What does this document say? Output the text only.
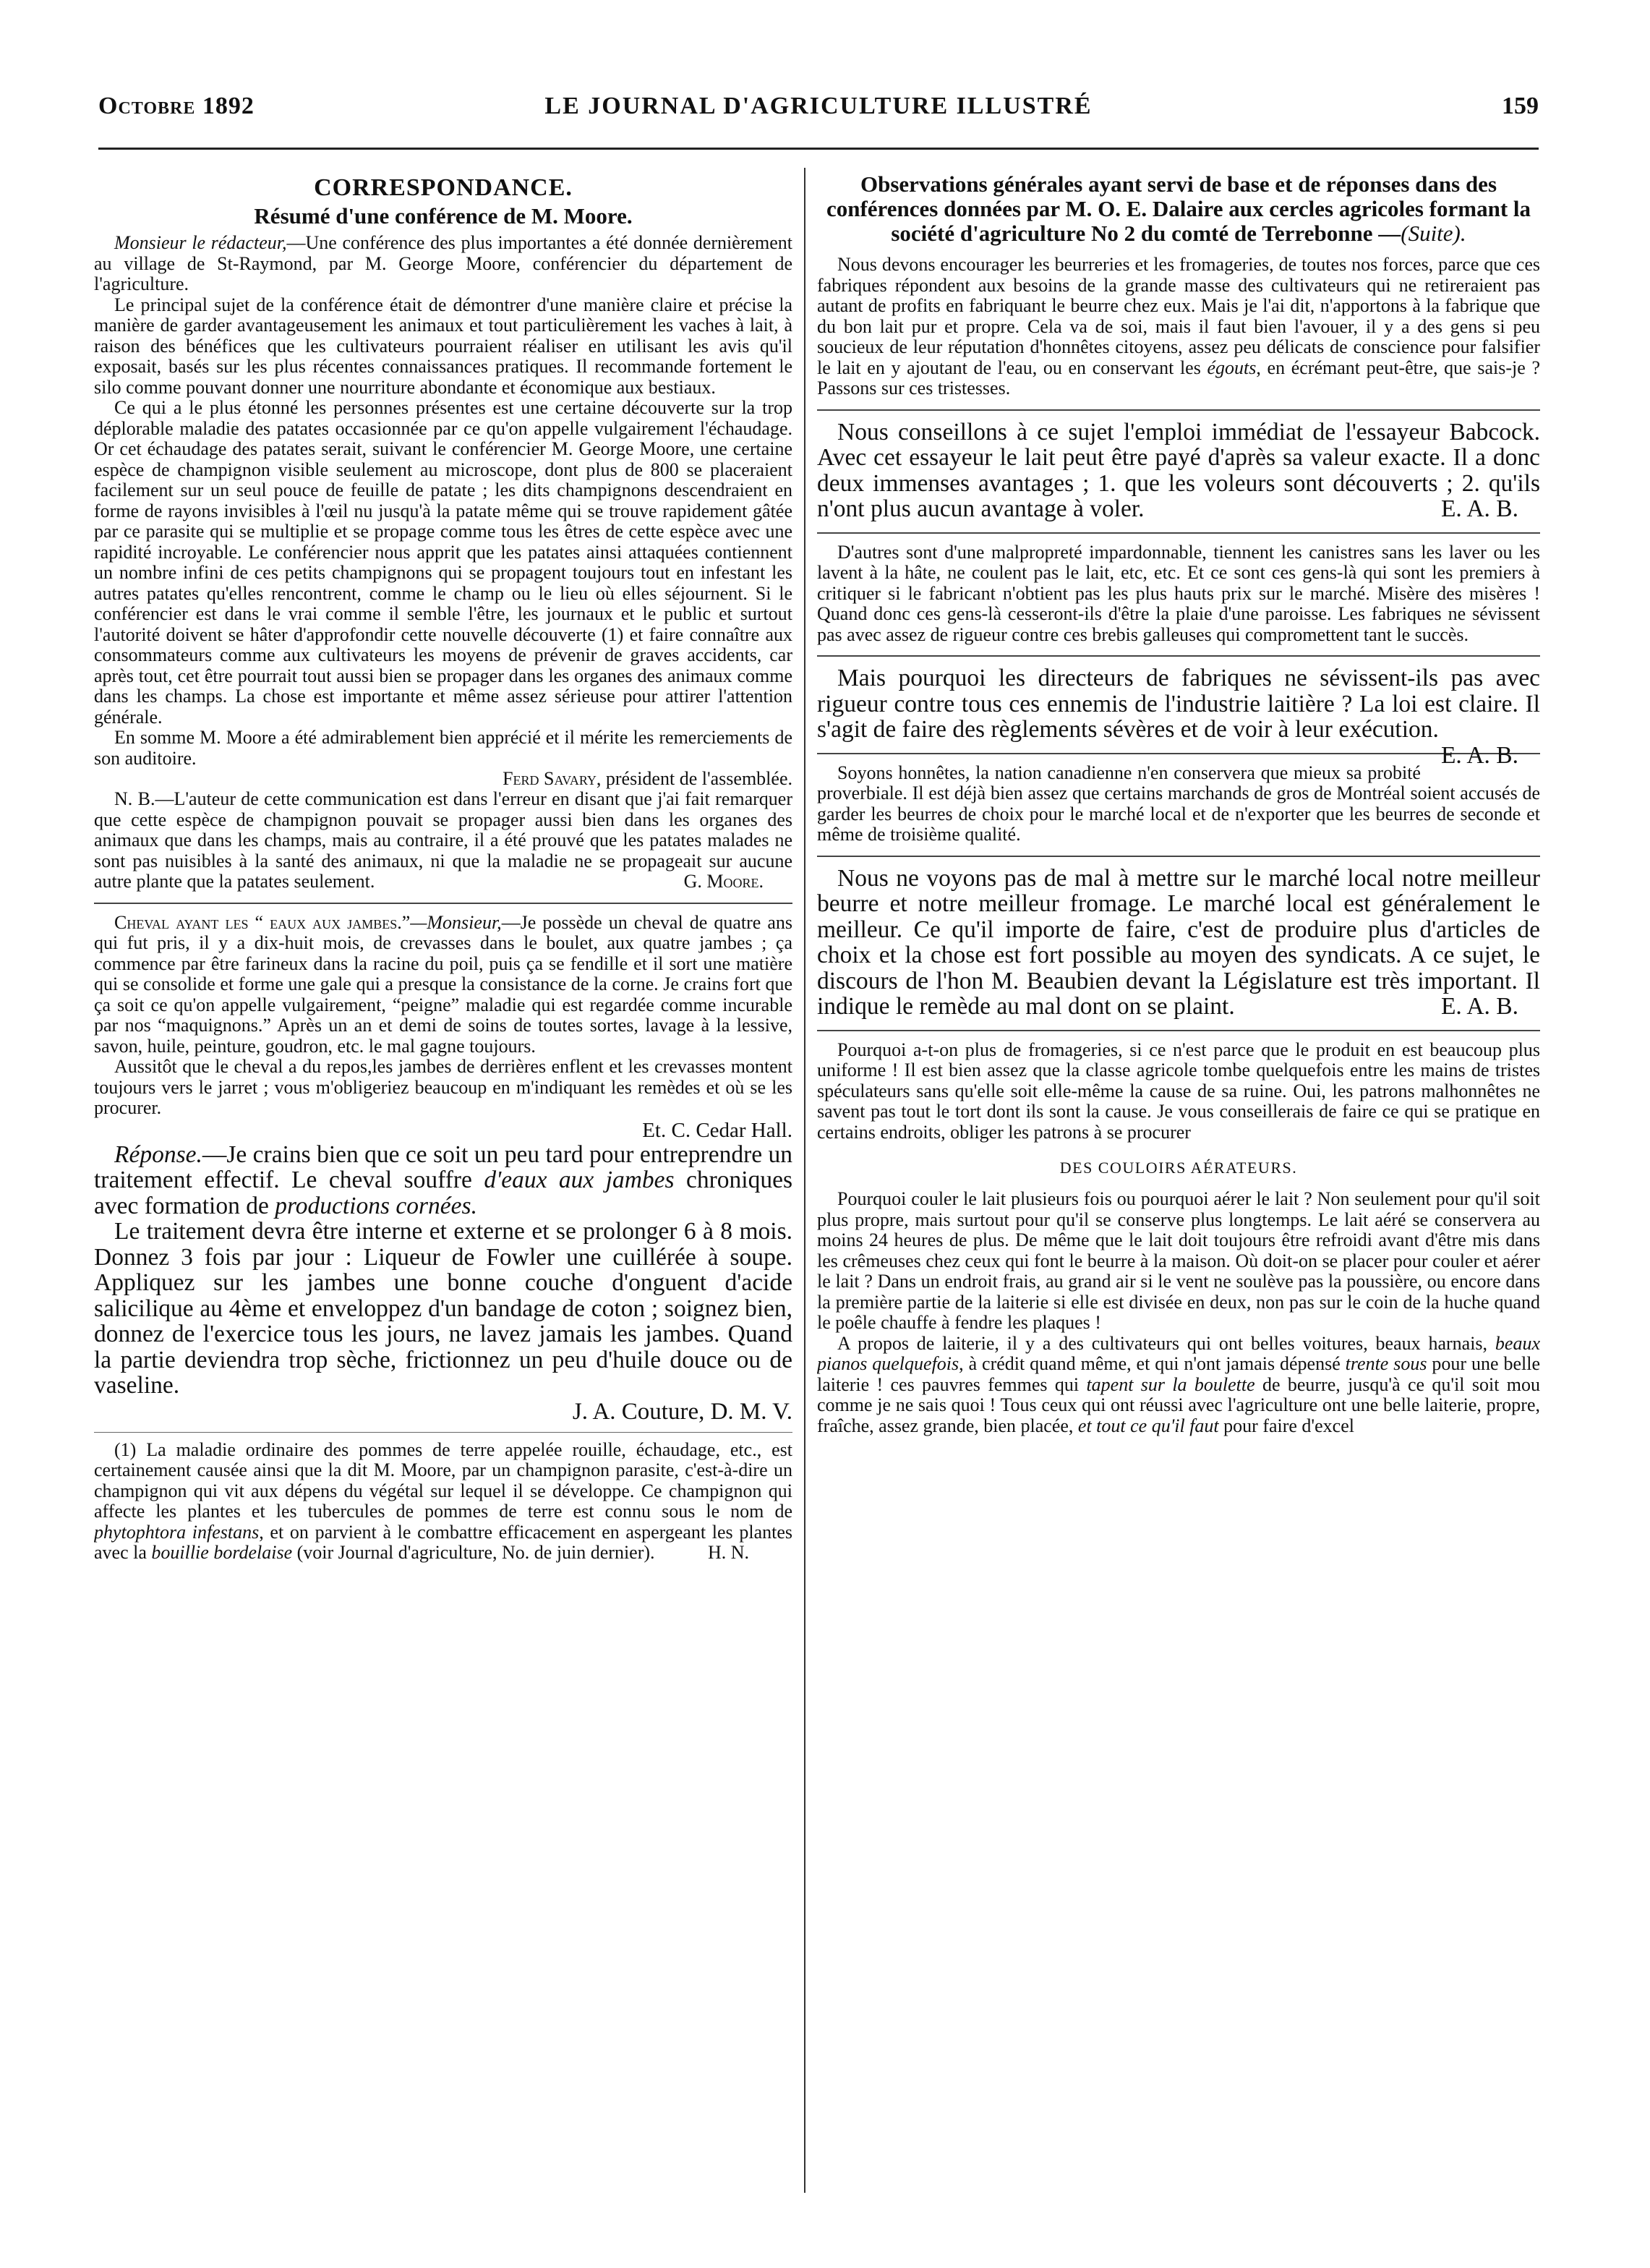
Octobre 1892	LE JOURNAL D'AGRICULTURE ILLUSTRÉ	159
CORRESPONDANCE.
Résumé d'une conférence de M. Moore.

Monsieur le rédacteur,—Une conférence des plus importantes a été donnée dernièrement au village de St-Raymond, par M. George Moore, conférencier du département de l'agriculture.

Le principal sujet de la conférence était de démontrer d'une manière claire et précise la manière de garder avantageusement les animaux et tout particulièrement les vaches à lait, à raison des bénéfices que les cultivateurs pourraient réaliser en utilisant les avis qu'il exposait, basés sur les plus récentes connaissances pratiques. Il recommande fortement le silo comme pouvant donner une nourriture abondante et économique aux bestiaux.

Ce qui a le plus étonné les personnes présentes est une certaine découverte sur la trop déplorable maladie des patates occasionnée par ce qu'on appelle vulgairement l'échaudage. Or cet échaudage des patates serait, suivant le conférencier M. George Moore, une certaine espèce de champignon visible seulement au microscope, dont plus de 800 se placeraient facilement sur un seul pouce de feuille de patate ; les dits champignons descendraient en forme de rayons invisibles à l'œil nu jusqu'à la patate même qui se trouve rapidement gâtée par ce parasite qui se multiplie et se propage comme tous les êtres de cette espèce avec une rapidité incroyable. Le conférencier nous apprit que les patates ainsi attaquées contiennent un nombre infini de ces petits champignons qui se propagent toujours tout en infestant les autres patates qu'elles rencontrent, comme le champ ou le lieu où elles séjournent. Si le conférencier est dans le vrai comme il semble l'être, les journaux et le public et surtout l'autorité doivent se hâter d'approfondir cette nouvelle découverte (1) et faire connaître aux consommateurs comme aux cultivateurs les moyens de prévenir de graves accidents, car après tout, cet être pourrait tout aussi bien se propager dans les organes des animaux comme dans les champs. La chose est importante et même assez sérieuse pour attirer l'attention générale.

En somme M. Moore a été admirablement bien apprécié et il mérite les remerciements de son auditoire.

Ferd Savary, président de l'assemblée.

N. B.—L'auteur de cette communication est dans l'erreur en disant que j'ai fait remarquer que cette espèce de champignon pouvait se propager aussi bien dans les organes des animaux que dans les champs, mais au contraire, il a été prouvé que les patates malades ne sont pas nuisibles à la santé des animaux, ni que la maladie ne se propageait sur aucune autre plante que la patates seulement.	G. Moore.

Cheval ayant les “ eaux aux jambes.”—Monsieur,—Je possède un cheval de quatre ans qui fut pris, il y a dix-huit mois, de crevasses dans le boulet, aux quatre jambes ; ça commence par être farineux dans la racine du poil, puis ça se fendille et il sort une matière qui se consolide et forme une gale qui a presque la consistance de la corne. Je crains fort que ça soit ce qu'on appelle vulgairement, “peigne” maladie qui est regardée comme incurable par nos “maquignons.” Après un an et demi de soins de toutes sortes, lavage à la lessive, savon, huile, peinture, goudron, etc. le mal gagne toujours.

Aussitôt que le cheval a du repos,les jambes de derrières enflent et les crevasses montent toujours vers le jarret ; vous m'obligeriez beaucoup en m'indiquant les remèdes et où se les procurer.

Et. C. Cedar Hall.

Réponse.—Je crains bien que ce soit un peu tard pour entreprendre un traitement effectif. Le cheval souffre d'eaux aux jambes chroniques avec formation de productions cornées.

Le traitement devra être interne et externe et se prolonger 6 à 8 mois. Donnez 3 fois par jour : Liqueur de Fowler une cuillérée à soupe. Appliquez sur les jambes une bonne couche d'onguent d'acide salicilique au 4ème et enveloppez d'un bandage de coton ; soignez bien, donnez de l'exercice tous les jours, ne lavez jamais les jambes. Quand la partie deviendra trop sèche, frictionnez un peu d'huile douce ou de vaseline.

J. A. Couture, D. M. V.

(1) La maladie ordinaire des pommes de terre appelée rouille, échaudage, etc., est certainement causée ainsi que la dit M. Moore, par un champignon parasite, c'est-à-dire un champignon qui vit aux dépens du végétal sur lequel il se développe. Ce champignon qui affecte les plantes et les tubercules de pommes de terre est connu sous le nom de phytophtora infestans, et on parvient à le combattre efficacement en aspergeant les plantes avec la bouillie bordelaise (voir Journal d'agriculture, No. de juin dernier).	H. N.

Observations générales ayant servi de base et de réponses dans des conférences données par M. O. E. Dalaire aux cercles agricoles formant la société d'agriculture No 2 du comté de Terrebonne —(Suite).

Nous devons encourager les beurreries et les fromageries, de toutes nos forces, parce que ces fabriques répondent aux besoins de la grande masse des cultivateurs qui ne retireraient pas autant de profits en fabriquant le beurre chez eux. Mais je l'ai dit, n'apportons à la fabrique que du bon lait pur et propre. Cela va de soi, mais il faut bien l'avouer, il y a des gens si peu soucieux de leur réputation d'honnêtes citoyens, assez peu délicats de conscience pour falsifier le lait en y ajoutant de l'eau, ou en conservant les égouts, en écrémant peut-être, que sais-je ? Passons sur ces tristesses.

Nous conseillons à ce sujet l'emploi immédiat de l'essayeur Babcock. Avec cet essayeur le lait peut être payé d'après sa valeur exacte. Il a donc deux immenses avantages ; 1. que les voleurs sont découverts ; 2. qu'ils n'ont plus aucun avantage à voler.	E. A. B.

D'autres sont d'une malpropreté impardonnable, tiennent les canistres sans les laver ou les lavent à la hâte, ne coulent pas le lait, etc, etc. Et ce sont ces gens-là qui sont les premiers à critiquer si le fabricant n'obtient pas les plus hauts prix sur le marché. Misère des misères ! Quand donc ces gens-là cesseront-ils d'être la plaie d'une paroisse. Les fabriques ne sévissent pas avec assez de rigueur contre ces brebis galleuses qui compromettent tant le succès.

Mais pourquoi les directeurs de fabriques ne sévissent-ils pas avec rigueur contre tous ces ennemis de l'industrie laitière ? La loi est claire. Il s'agit de faire des règlements sévères et de voir à leur exécution.
E. A. B.

Soyons honnêtes, la nation canadienne n'en conservera que mieux sa probité proverbiale. Il est déjà bien assez que certains marchands de gros de Montréal soient accusés de garder les beurres de choix pour le marché local et de n'exporter que les beurres de seconde et même de troisième qualité.

Nous ne voyons pas de mal à mettre sur le marché local notre meilleur beurre et notre meilleur fromage. Le marché local est généralement le meilleur. Ce qu'il importe de faire, c'est de produire plus d'articles de choix et la chose est fort possible au moyen des syndicats. A ce sujet, le discours de l'hon M. Beaubien devant la Législature est très important. Il indique le remède au mal dont on se plaint.	E. A. B.

Pourquoi a-t-on plus de fromageries, si ce n'est parce que le produit en est beaucoup plus uniforme ! Il est bien assez que la classe agricole tombe quelquefois entre les mains de tristes spéculateurs sans qu'elle soit elle-même la cause de sa ruine. Oui, les patrons malhonnêtes ne savent pas tout le tort dont ils sont la cause. Je vous conseillerais de faire ce qui se pratique en certains endroits, obliger les patrons à se procurer

DES COULOIRS AÉRATEURS.

Pourquoi couler le lait plusieurs fois ou pourquoi aérer le lait ? Non seulement pour qu'il soit plus propre, mais surtout pour qu'il se conserve plus longtemps. Le lait aéré se conservera au moins 24 heures de plus. De même que le lait doit toujours être refroidi avant d'être mis dans les crêmeuses chez ceux qui font le beurre à la maison. Où doit-on se placer pour couler et aérer le lait ? Dans un endroit frais, au grand air si le vent ne soulève pas la poussière, ou encore dans la première partie de la laiterie si elle est divisée en deux, non pas sur le coin de la huche quand le poêle chauffe à fendre les plaques !

A propos de laiterie, il y a des cultivateurs qui ont belles voitures, beaux harnais, beaux pianos quelquefois, à crédit quand même, et qui n'ont jamais dépensé trente sous pour une belle laiterie ! ces pauvres femmes qui tapent sur la boulette de beurre, jusqu'à ce qu'il soit mou comme je ne sais quoi ! Tous ceux qui ont réussi avec l'agriculture ont une belle laiterie, propre, fraîche, assez grande, bien placée, et tout ce qu'il faut pour faire d'excel
